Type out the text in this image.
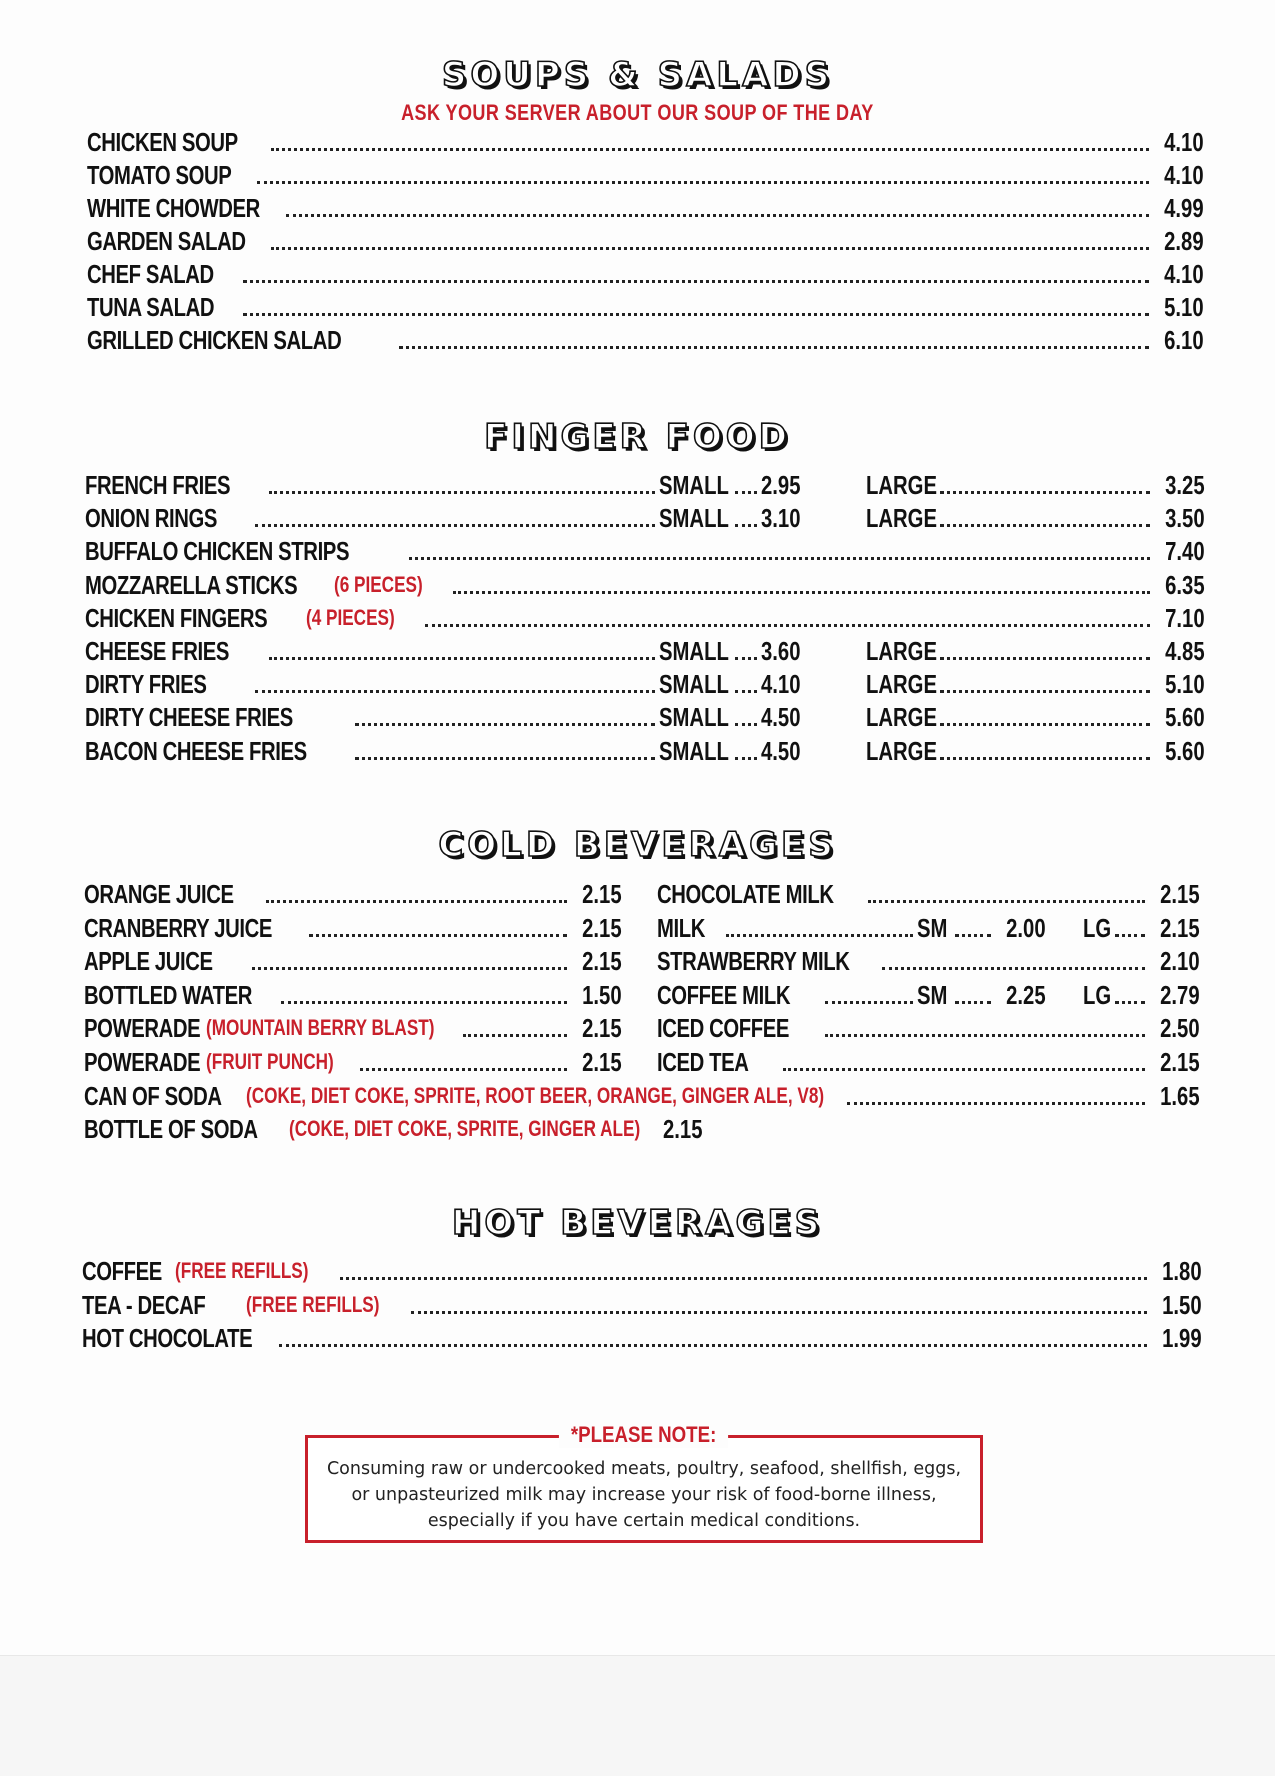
SOUPS & SALADS
ASK YOUR SERVER ABOUT OUR SOUP OF THE DAY
CHICKEN SOUP	4.10
TOMATO SOUP	4.10
WHITE CHOWDER	4.99
GARDEN SALAD	2.89
CHEF SALAD	4.10
TUNA SALAD	5.10
GRILLED CHICKEN SALAD	6.10
FINGER FOOD
FRENCH FRIES	SMALL 2.95	LARGE	3.25
ONION RINGS	SMALL 3.10	LARGE	3.50
BUFFALO CHICKEN STRIPS	7.40
MOZZARELLA STICKS	(6 PIECES)	6.35
CHICKEN FINGERS	(4 PIECES)	7.10
CHEESE FRIES	SMALL 3.60	LARGE	4.85
DIRTY FRIES	SMALL 4.10	LARGE	5.10
DIRTY CHEESE FRIES	SMALL 4.50	LARGE	5.60
BACON CHEESE FRIES	SMALL 4.50	LARGE	5.60
COLD BEVERAGES
ORANGE JUICE	2.15
CRANBERRY JUICE	2.15
APPLE JUICE	2.15
BOTTLED WATER	1.50
POWERADE (MOUNTAIN BERRY BLAST)	2.15
POWERADE (FRUIT PUNCH)	2.15
CHOCOLATE MILK	2.15
MILK	SM	2.00 LG	2.15
STRAWBERRY MILK	2.10
COFFEE MILK	SM	2.25 LG	2.79
ICED COFFEE	2.50
ICED TEA	2.15
CAN OF SODA	(COKE, DIET COKE, SPRITE, ROOT BEER, ORANGE, GINGER ALE, V8)	1.65
BOTTLE OF SODA	(COKE, DIET COKE, SPRITE, GINGER ALE) 2.15
HOT BEVERAGES
COFFEE (FREE REFILLS)	1.80
TEA - DECAF	(FREE REFILLS)	1.50
HOT CHOCOLATE	1.99
*PLEASE NOTE:
Consuming raw or undercooked meats, poultry, seafood, shellfish, eggs, or unpasteurized milk may increase your risk of food-borne illness, especially if you have certain medical conditions.
